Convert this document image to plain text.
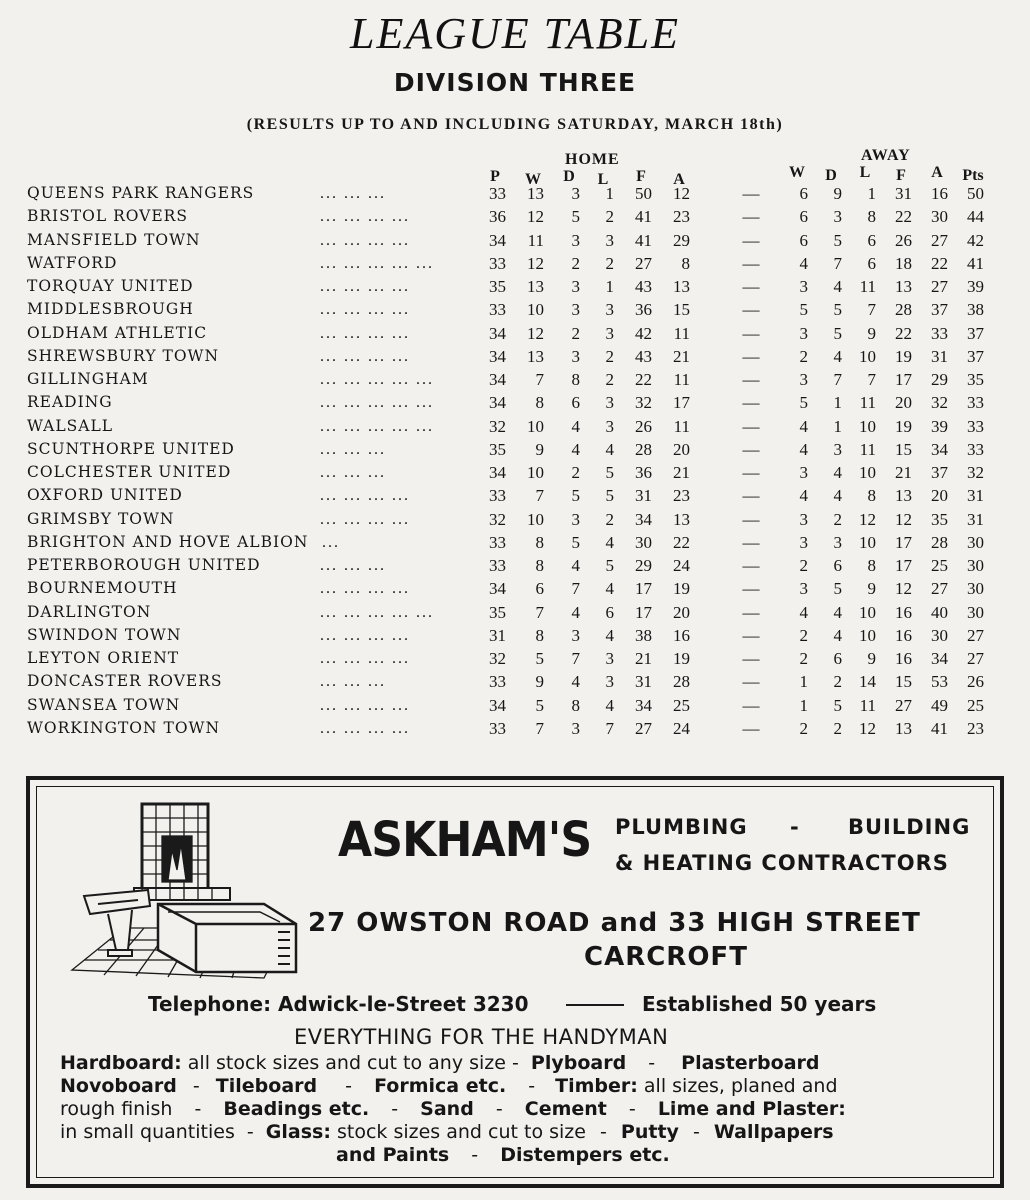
LEAGUE TABLE
DIVISION THREE
(RESULTS UP TO AND INCLUDING SATURDAY, MARCH 18th)
HOME	AWAY
P	W	D	L	F	A	W	D	L	F	A	Pts
QUEENS PARK RANGERS	... ... ...	33	13	3	1	50	12	—	6	9	1	31	16	50
BRISTOL ROVERS	... ... ... ...	36	12	5	2	41	23	—	6	3	8	22	30	44
MANSFIELD TOWN	... ... ... ...	34	11	3	3	41	29	—	6	5	6	26	27	42
WATFORD	... ... ... ... ...	33	12	2	2	27	8	—	4	7	6	18	22	41
TORQUAY UNITED	... ... ... ...	35	13	3	1	43	13	—	3	4	11	13	27	39
MIDDLESBROUGH	... ... ... ...	33	10	3	3	36	15	—	5	5	7	28	37	38
OLDHAM ATHLETIC	... ... ... ...	34	12	2	3	42	11	—	3	5	9	22	33	37
SHREWSBURY TOWN	... ... ... ...	34	13	3	2	43	21	—	2	4	10	19	31	37
GILLINGHAM	... ... ... ... ...	34	7	8	2	22	11	—	3	7	7	17	29	35
READING	... ... ... ... ...	34	8	6	3	32	17	—	5	1	11	20	32	33
WALSALL	... ... ... ... ...	32	10	4	3	26	11	—	4	1	10	19	39	33
SCUNTHORPE UNITED	... ... ...	35	9	4	4	28	20	—	4	3	11	15	34	33
COLCHESTER UNITED	... ... ...	34	10	2	5	36	21	—	3	4	10	21	37	32
OXFORD UNITED	... ... ... ...	33	7	5	5	31	23	—	4	4	8	13	20	31
GRIMSBY TOWN	... ... ... ...	32	10	3	2	34	13	—	3	2	12	12	35	31
BRIGHTON AND HOVE ALBION ...	33	8	5	4	30	22	—	3	3	10	17	28	30
PETERBOROUGH UNITED	... ... ...	33	8	4	5	29	24	—	2	6	8	17	25	30
BOURNEMOUTH	... ... ... ...	34	6	7	4	17	19	—	3	5	9	12	27	30
DARLINGTON	... ... ... ... ...	35	7	4	6	17	20	—	4	4	10	16	40	30
SWINDON TOWN	... ... ... ...	31	8	3	4	38	16	—	2	4	10	16	30	27
LEYTON ORIENT	... ... ... ...	32	5	7	3	21	19	—	2	6	9	16	34	27
DONCASTER ROVERS	... ... ...	33	9	4	3	31	28	—	1	2	14	15	53	26
SWANSEA TOWN	... ... ... ...	34	5	8	4	34	25	—	1	5	11	27	49	25
WORKINGTON TOWN	... ... ... ...	33	7	3	7	27	24	—	2	2	12	13	41	23
ASKHAM'S PLUMBING - BUILDING
& HEATING CONTRACTORS
27 OWSTON ROAD and 33 HIGH STREET
CARCROFT
Telephone: Adwick-le-Street 3230	Established 50 years
EVERYTHING FOR THE HANDYMAN
Hardboard: all stock sizes and cut to any size - Plyboard - Plasterboard
Novoboard - Tileboard - Formica etc. - Timber: all sizes, planed and
rough finish - Beadings etc. - Sand - Cement - Lime and Plaster:
in small quantities - Glass: stock sizes and cut to size - Putty - Wallpapers
and Paints - Distempers etc.
